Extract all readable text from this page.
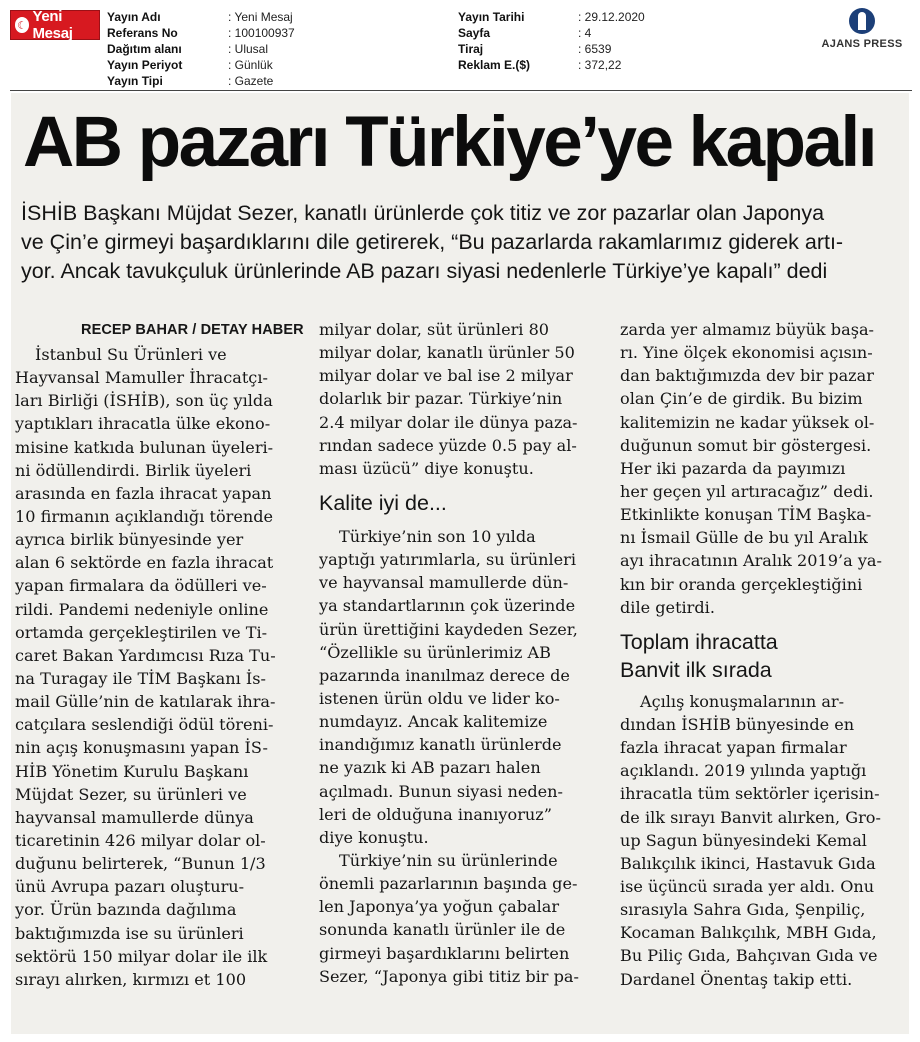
☾ Yeni Mesaj
Yayın Adı	: Yeni Mesaj
Referans No	: 100100937
Dağıtım alanı	: Ulusal
Yayın Periyot	: Günlük
Yayın Tipi	: Gazete
Yayın Tarihi	: 29.12.2020
Sayfa	: 4
Tiraj	: 6539
Reklam E.($)	: 372,22
AJANS PRESS
AB pazarı Türkiye’ye kapalı
İSHİB Başkanı Müjdat Sezer, kanatlı ürünlerde çok titiz ve zor pazarlar olan Japonya
ve Çin’e girmeyi başardıklarını dile getirerek, “Bu pazarlarda rakamlarımız giderek artı-
yor. Ancak tavukçuluk ürünlerinde AB pazarı siyasi nedenlerle Türkiye’ye kapalı” dedi
RECEP BAHAR / DETAY HABER
İstanbul Su Ürünleri ve
Hayvansal Mamuller İhracatçı-
ları Birliği (İSHİB), son üç yılda
yaptıkları ihracatla ülke ekono-
misine katkıda bulunan üyeleri-
ni ödüllendirdi. Birlik üyeleri
arasında en fazla ihracat yapan
10 firmanın açıklandığı törende
ayrıca birlik bünyesinde yer
alan 6 sektörde en fazla ihracat
yapan firmalara da ödülleri ve-
rildi. Pandemi nedeniyle online
ortamda gerçekleştirilen ve Ti-
caret Bakan Yardımcısı Rıza Tu-
na Turagay ile TİM Başkanı İs-
mail Gülle’nin de katılarak ihra-
catçılara seslendiği ödül töreni-
nin açış konuşmasını yapan İS-
HİB Yönetim Kurulu Başkanı
Müjdat Sezer, su ürünleri ve
hayvansal mamullerde dünya
ticaretinin 426 milyar dolar ol-
duğunu belirterek, “Bunun 1/3
ünü Avrupa pazarı oluşturu-
yor. Ürün bazında dağılıma
baktığımızda ise su ürünleri
sektörü 150 milyar dolar ile ilk
sırayı alırken, kırmızı et 100
milyar dolar, süt ürünleri 80
milyar dolar, kanatlı ürünler 50
milyar dolar ve bal ise 2 milyar
dolarlık bir pazar. Türkiye’nin
2.4 milyar dolar ile dünya paza-
rından sadece yüzde 0.5 pay al-
ması üzücü” diye konuştu.
Kalite iyi de...
Türkiye’nin son 10 yılda
yaptığı yatırımlarla, su ürünleri
ve hayvansal mamullerde dün-
ya standartlarının çok üzerinde
ürün ürettiğini kaydeden Sezer,
“Özellikle su ürünlerimiz AB
pazarında inanılmaz derece de
istenen ürün oldu ve lider ko-
numdayız. Ancak kalitemize
inandığımız kanatlı ürünlerde
ne yazık ki AB pazarı halen
açılmadı. Bunun siyasi neden-
leri de olduğuna inanıyoruz”
diye konuştu.
Türkiye’nin su ürünlerinde
önemli pazarlarının başında ge-
len Japonya’ya yoğun çabalar
sonunda kanatlı ürünler ile de
girmeyi başardıklarını belirten
Sezer, “Japonya gibi titiz bir pa-
zarda yer almamız büyük başa-
rı. Yine ölçek ekonomisi açısın-
dan baktığımızda dev bir pazar
olan Çin’e de girdik. Bu bizim
kalitemizin ne kadar yüksek ol-
duğunun somut bir göstergesi.
Her iki pazarda da payımızı
her geçen yıl artıracağız” dedi.
Etkinlikte konuşan TİM Başka-
nı İsmail Gülle de bu yıl Aralık
ayı ihracatının Aralık 2019’a ya-
kın bir oranda gerçekleştiğini
dile getirdi.
Toplam ihracatta
Banvit ilk sırada
Açılış konuşmalarının ar-
dından İSHİB bünyesinde en
fazla ihracat yapan firmalar
açıklandı. 2019 yılında yaptığı
ihracatla tüm sektörler içerisin-
de ilk sırayı Banvit alırken, Gro-
up Sagun bünyesindeki Kemal
Balıkçılık ikinci, Hastavuk Gıda
ise üçüncü sırada yer aldı. Onu
sırasıyla Sahra Gıda, Şenpiliç,
Kocaman Balıkçılık, MBH Gıda,
Bu Piliç Gıda, Bahçıvan Gıda ve
Dardanel Önentaş takip etti.
